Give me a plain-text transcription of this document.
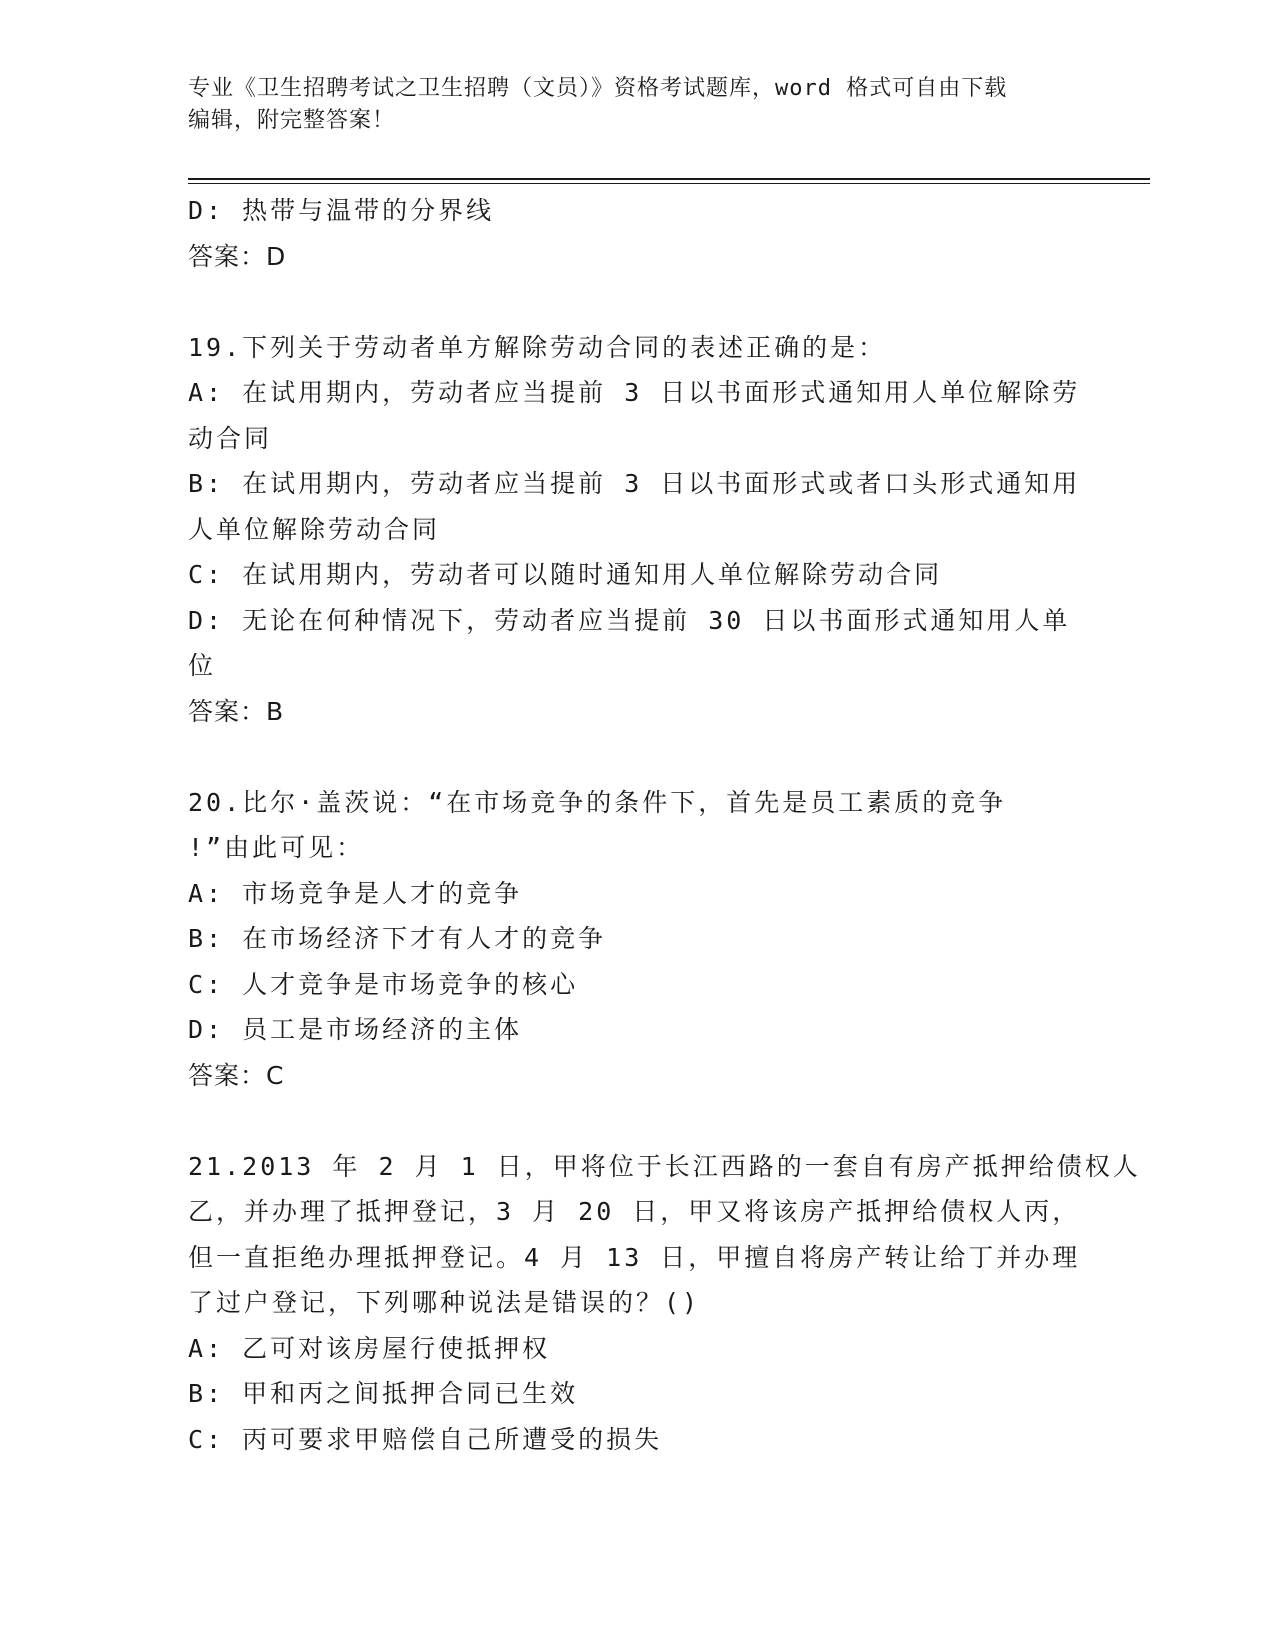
专业《卫生招聘考试之卫生招聘（文员）》资格考试题库，word 格式可自由下载
编辑，附完整答案！
D: 热带与温带的分界线
答案：D
19.下列关于劳动者单方解除劳动合同的表述正确的是：
A: 在试用期内，劳动者应当提前 3 日以书面形式通知用人单位解除劳
动合同
B: 在试用期内，劳动者应当提前 3 日以书面形式或者口头形式通知用
人单位解除劳动合同
C: 在试用期内，劳动者可以随时通知用人单位解除劳动合同
D: 无论在何种情况下，劳动者应当提前 30 日以书面形式通知用人单
位
答案：B
20.比尔·盖茨说：“在市场竞争的条件下，首先是员工素质的竞争
!”由此可见：
A: 市场竞争是人才的竞争
B: 在市场经济下才有人才的竞争
C: 人才竞争是市场竞争的核心
D: 员工是市场经济的主体
答案：C
21.2013 年 2 月 1 日，甲将位于长江西路的一套自有房产抵押给债权人
乙，并办理了抵押登记，3 月 20 日，甲又将该房产抵押给债权人丙，
但一直拒绝办理抵押登记。4 月 13 日，甲擅自将房产转让给丁并办理
了过户登记，下列哪种说法是错误的？()
A: 乙可对该房屋行使抵押权
B: 甲和丙之间抵押合同已生效
C: 丙可要求甲赔偿自己所遭受的损失
